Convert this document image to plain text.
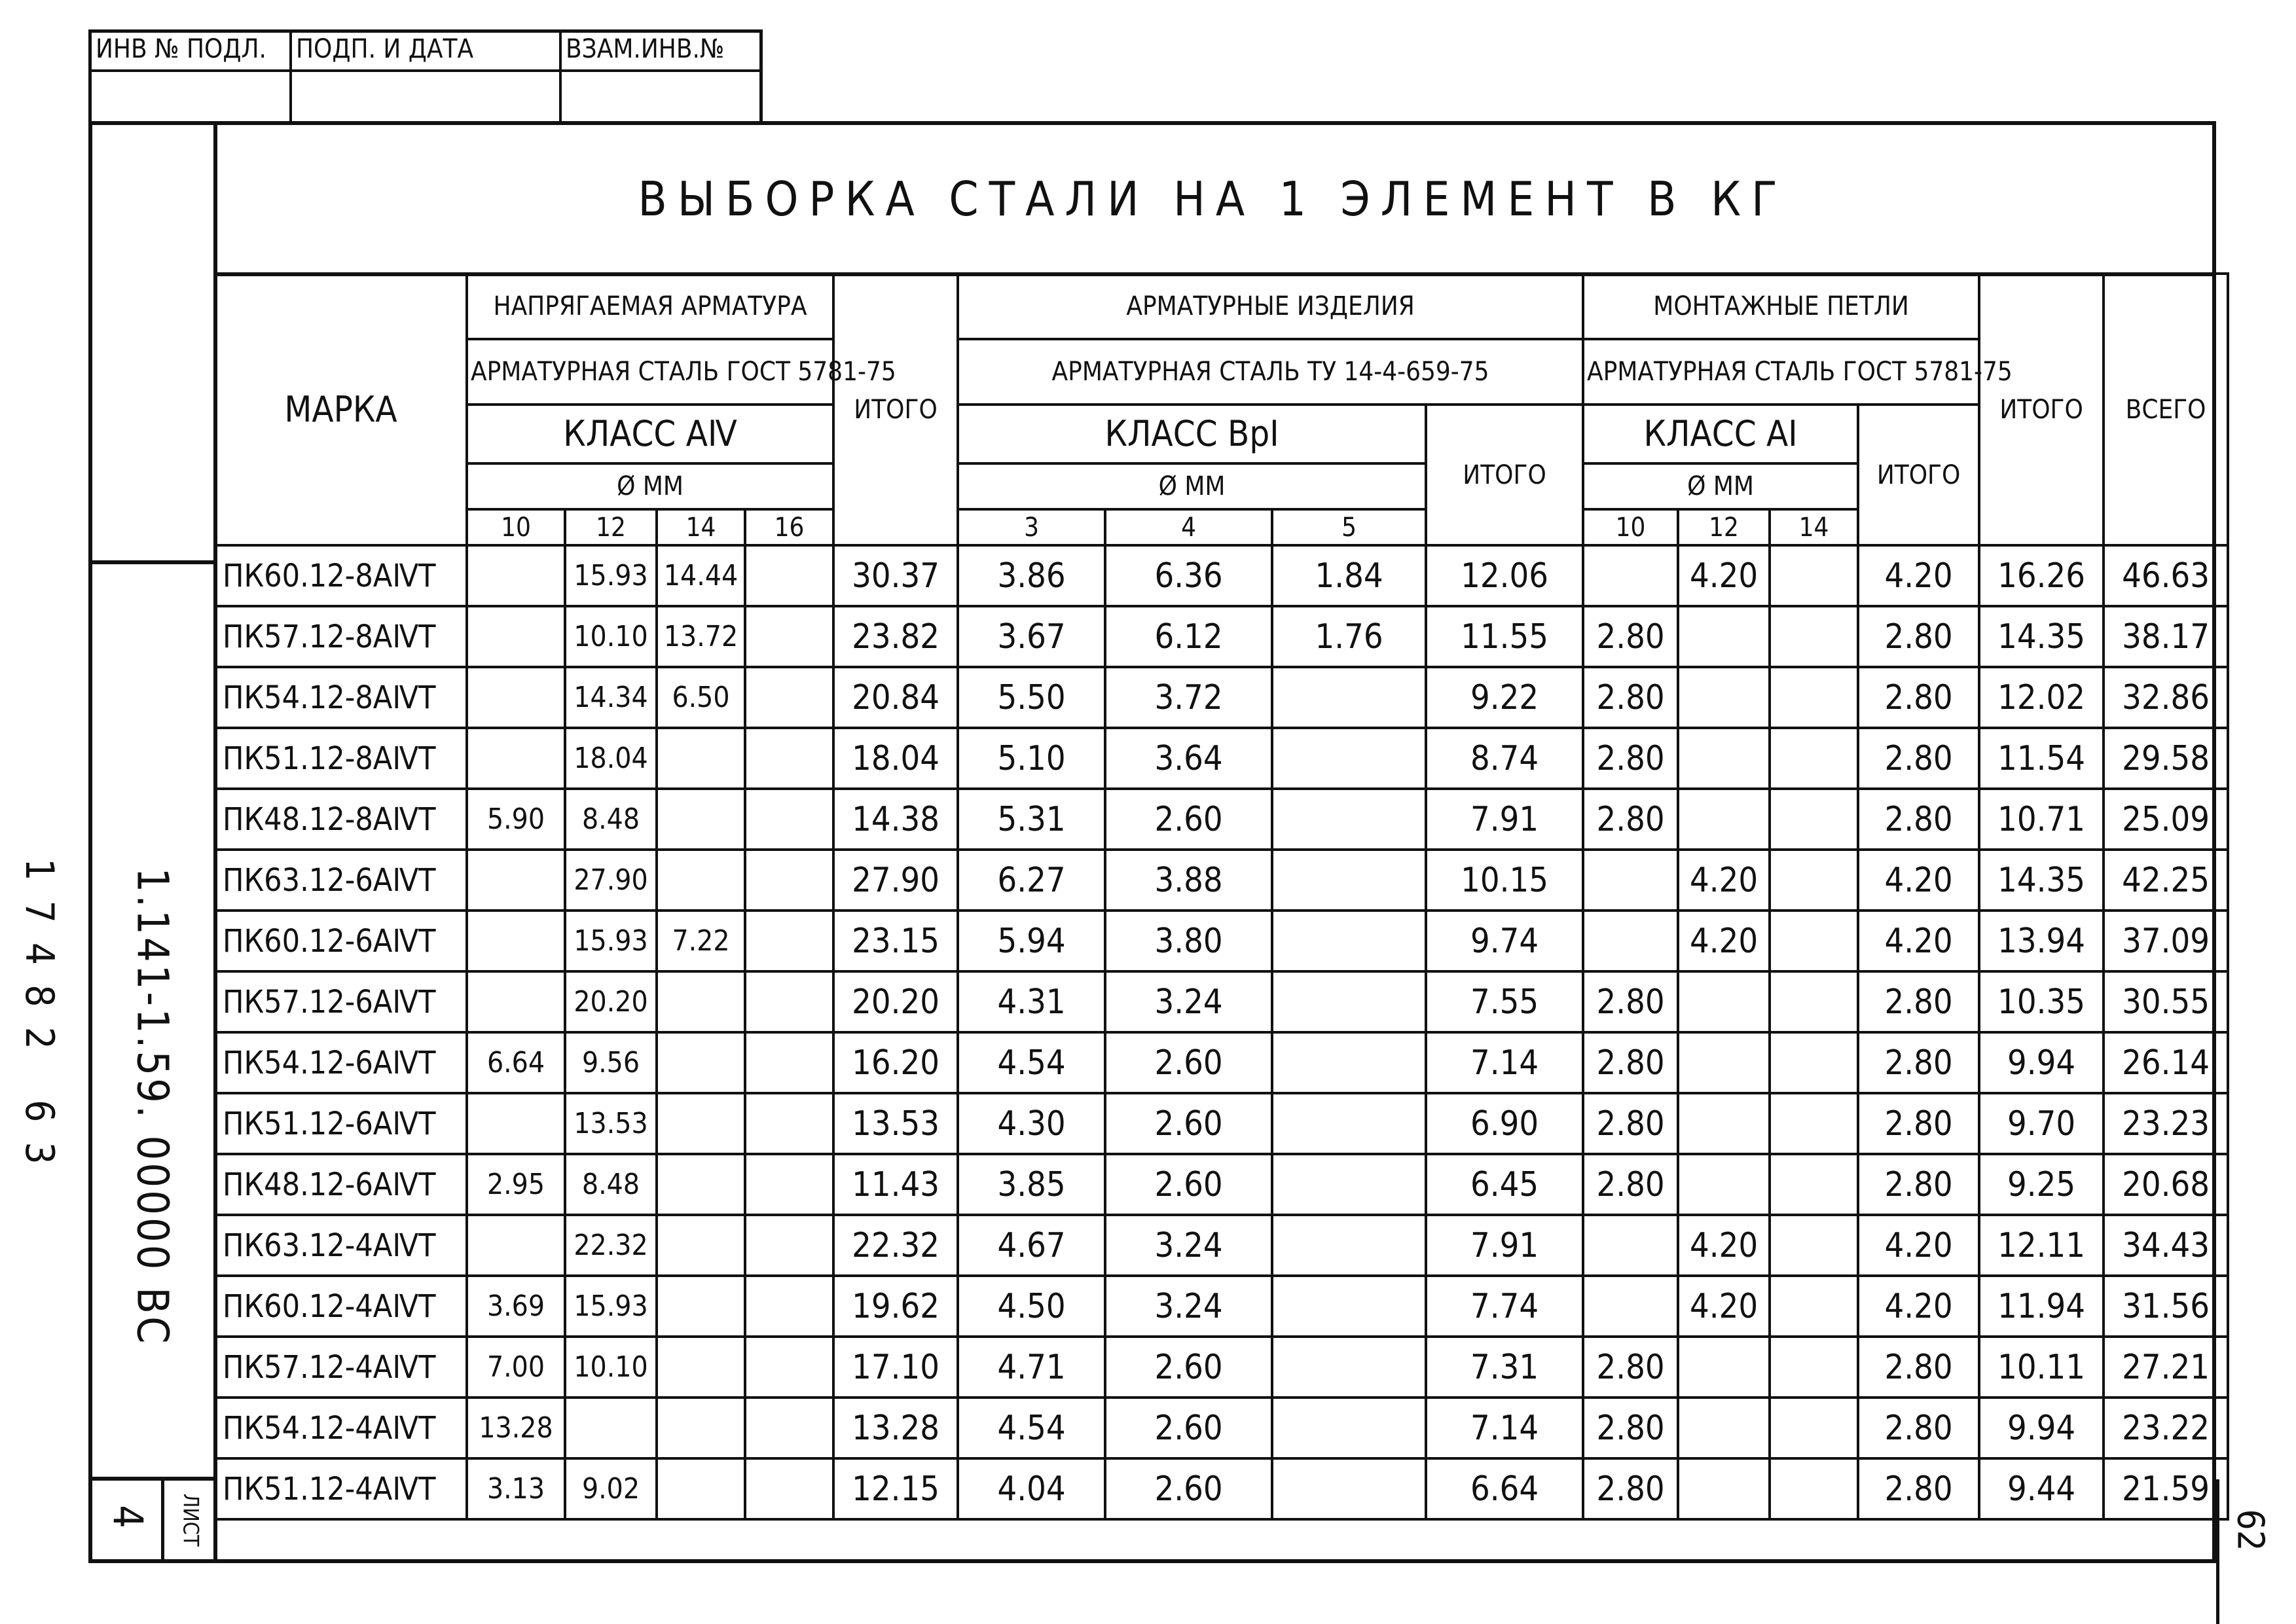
ИНВ № ПОДЛ.	ПОДП. И ДАТА	ВЗАМ.ИНВ.№

17482 63 1.141-1.59. 00000 ВС
4 ЛИСТ
ВЫБОРКА СТАЛИ НА 1 ЭЛЕМЕНТ В КГ
МАРКА	НАПРЯГАЕМАЯ АРМАТУРА				ИТОГО	АРМАТУРНЫЕ ИЗДЕЛИЯ				МОНТАЖНЫЕ ПЕТЛИ				ИТОГО	ВСЕГО
	АРМАТУРНАЯ СТАЛЬ ГОСТ 5781-75					АРМАТУРНАЯ СТАЛЬ ТУ 14-4-659-75				АРМАТУРНАЯ СТАЛЬ ГОСТ 5781-75					
	КЛАСС АⅣ					КЛАСС ВрI			ИТОГО	КЛАСС АI			ИТОГО		
	Ø ММ					Ø ММ				Ø ММ					
	10	12	14	16		3	4	5		10	12	14			
ПК60.12-8АⅣТ		15.93	14.44		30.37	3.86	6.36	1.84	12.06		4.20		4.20	16.26	46.63
ПК57.12-8АⅣТ		10.10	13.72		23.82	3.67	6.12	1.76	11.55	2.80			2.80	14.35	38.17
ПК54.12-8АⅣТ		14.34	6.50		20.84	5.50	3.72		9.22	2.80			2.80	12.02	32.86
ПК51.12-8АⅣТ		18.04			18.04	5.10	3.64		8.74	2.80			2.80	11.54	29.58
ПК48.12-8АⅣТ	5.90	8.48			14.38	5.31	2.60		7.91	2.80			2.80	10.71	25.09
ПК63.12-6АⅣТ		27.90			27.90	6.27	3.88		10.15		4.20		4.20	14.35	42.25
ПК60.12-6АⅣТ		15.93	7.22		23.15	5.94	3.80		9.74		4.20		4.20	13.94	37.09
ПК57.12-6АⅣТ		20.20			20.20	4.31	3.24		7.55	2.80			2.80	10.35	30.55
ПК54.12-6АⅣТ	6.64	9.56			16.20	4.54	2.60		7.14	2.80			2.80	9.94	26.14
ПК51.12-6АⅣТ		13.53			13.53	4.30	2.60		6.90	2.80			2.80	9.70	23.23
ПК48.12-6АⅣТ	2.95	8.48			11.43	3.85	2.60		6.45	2.80			2.80	9.25	20.68
ПК63.12-4АⅣТ		22.32			22.32	4.67	3.24		7.91		4.20		4.20	12.11	34.43
ПК60.12-4АⅣТ	3.69	15.93			19.62	4.50	3.24		7.74		4.20		4.20	11.94	31.56
ПК57.12-4АⅣТ	7.00	10.10			17.10	4.71	2.60		7.31	2.80			2.80	10.11	27.21
ПК54.12-4АⅣТ	13.28				13.28	4.54	2.60		7.14	2.80			2.80	9.94	23.22
ПК51.12-4АⅣТ	3.13	9.02			12.15	4.04	2.60		6.64	2.80			2.80	9.44	21.59
62
